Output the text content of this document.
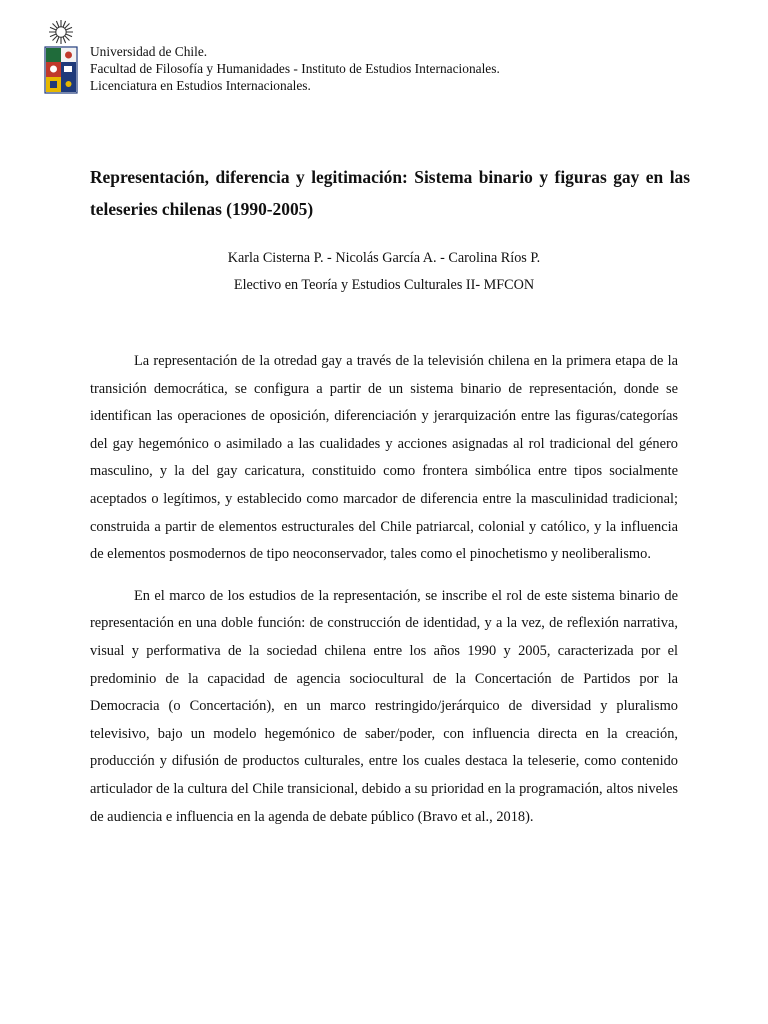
Universidad de Chile.
Facultad de Filosofía y Humanidades - Instituto de Estudios Internacionales.
Licenciatura en Estudios Internacionales.
Representación, diferencia y legitimación: Sistema binario y figuras gay en las teleseries chilenas (1990-2005)
Karla Cisterna P. - Nicolás García A. - Carolina Ríos P.
Electivo en Teoría y Estudios Culturales II- MFCON

La representación de la otredad gay a través de la televisión chilena en la primera etapa de la transición democrática, se configura a partir de un sistema binario de representación, donde se identifican las operaciones de oposición, diferenciación y jerarquización entre las figuras/categorías del gay hegemónico o asimilado a las cualidades y acciones asignadas al rol tradicional del género masculino, y la del gay caricatura, constituido como frontera simbólica entre tipos socialmente aceptados o legítimos, y establecido como marcador de diferencia entre la masculinidad tradicional; construida a partir de elementos estructurales del Chile patriarcal, colonial y católico, y la influencia de elementos posmodernos de tipo neoconservador, tales como el pinochetismo y neoliberalismo.

En el marco de los estudios de la representación, se inscribe el rol de este sistema binario de representación en una doble función: de construcción de identidad, y a la vez, de reflexión narrativa, visual y performativa de la sociedad chilena entre los años 1990 y 2005, caracterizada por el predominio de la capacidad de agencia sociocultural de la Concertación de Partidos por la Democracia (o Concertación), en un marco restringido/jerárquico de diversidad y pluralismo televisivo, bajo un modelo hegemónico de saber/poder, con influencia directa en la creación, producción y difusión de productos culturales, entre los cuales destaca la teleserie, como contenido articulador de la cultura del Chile transicional, debido a su prioridad en la programación, altos niveles de audiencia e influencia en la agenda de debate público (Bravo et al., 2018).
